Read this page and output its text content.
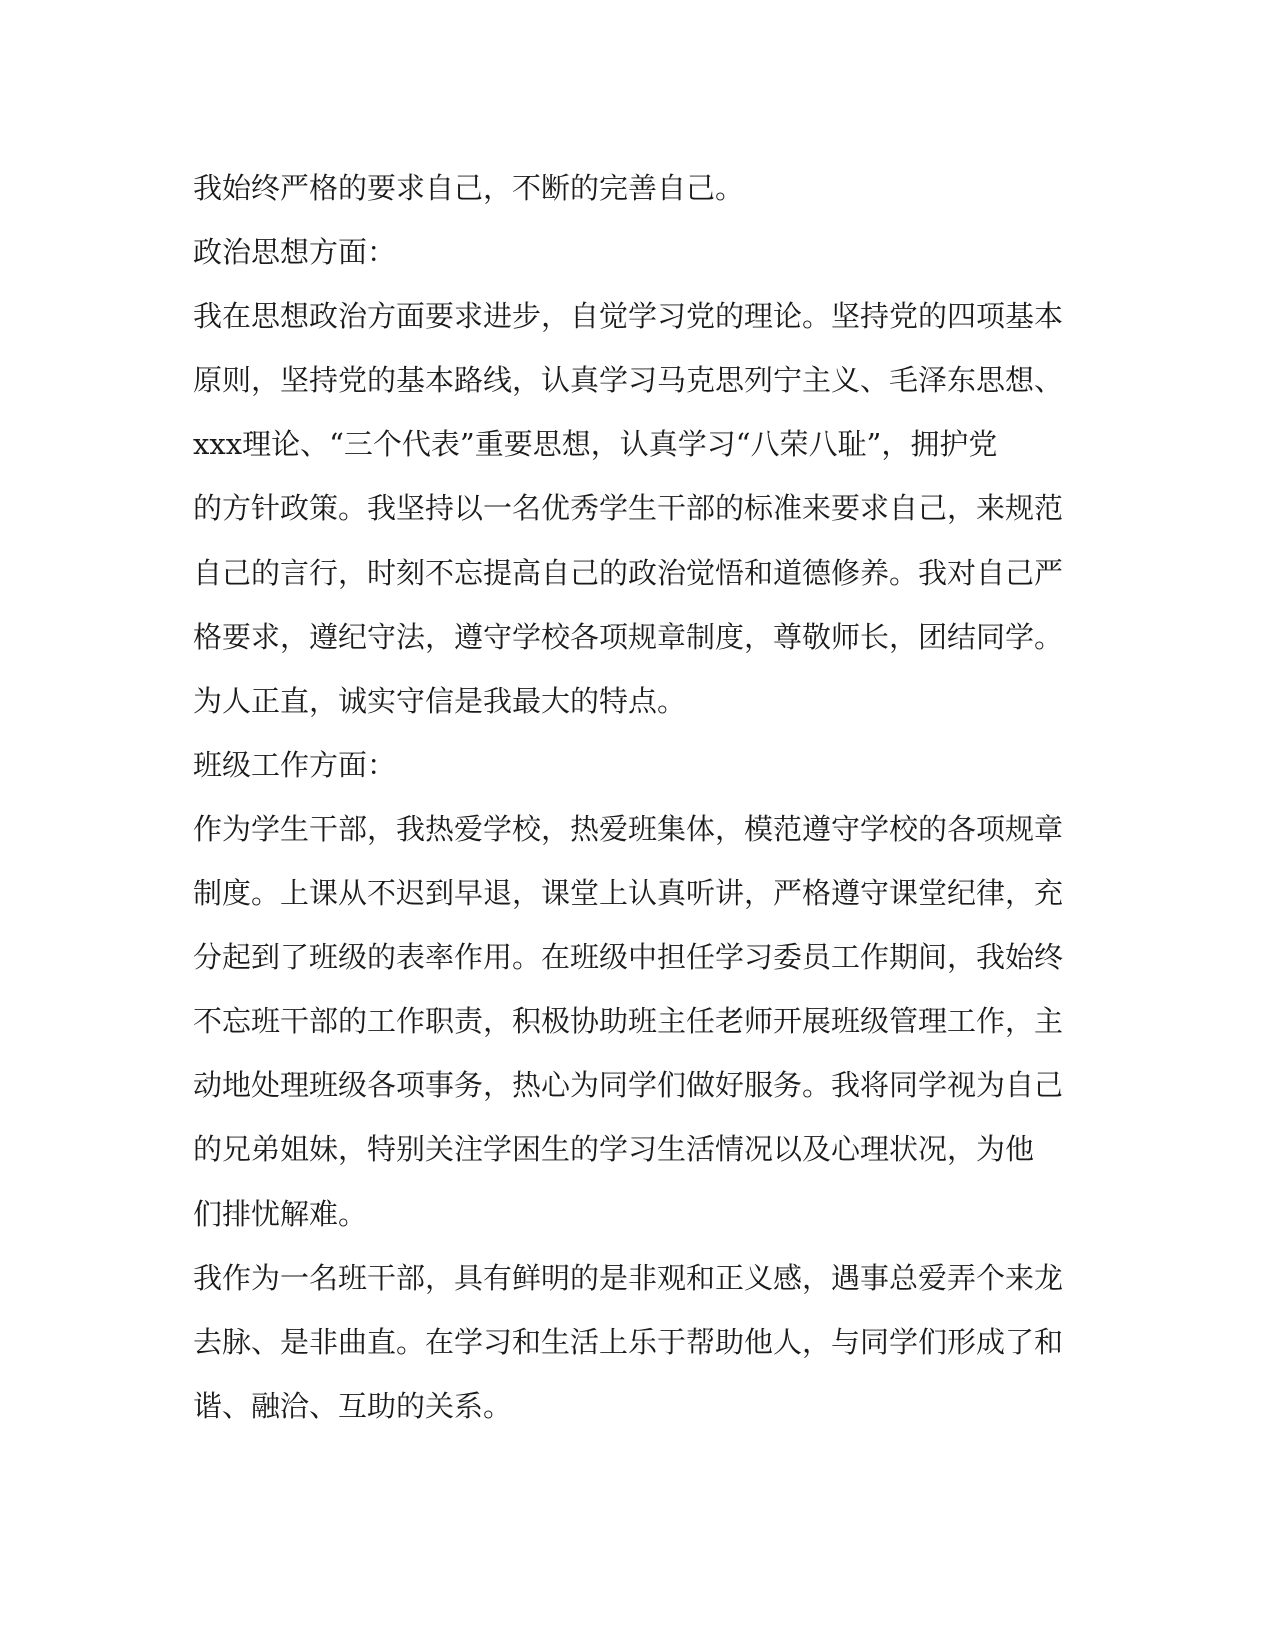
我始终严格的要求自己，不断的完善自己。
政治思想方面：
我在思想政治方面要求进步，自觉学习党的理论。坚持党的四项基本
原则，坚持党的基本路线，认真学习马克思列宁主义、毛泽东思想、
xxx理论、“三个代表”重要思想，认真学习“八荣八耻”，拥护党
的方针政策。我坚持以一名优秀学生干部的标准来要求自己，来规范
自己的言行，时刻不忘提高自己的政治觉悟和道德修养。我对自己严
格要求，遵纪守法，遵守学校各项规章制度，尊敬师长，团结同学。
为人正直，诚实守信是我最大的特点。
班级工作方面：
作为学生干部，我热爱学校，热爱班集体，模范遵守学校的各项规章
制度。上课从不迟到早退，课堂上认真听讲，严格遵守课堂纪律，充
分起到了班级的表率作用。在班级中担任学习委员工作期间，我始终
不忘班干部的工作职责，积极协助班主任老师开展班级管理工作，主
动地处理班级各项事务，热心为同学们做好服务。我将同学视为自己
的兄弟姐妹，特别关注学困生的学习生活情况以及心理状况，为他
们排忧解难。
我作为一名班干部，具有鲜明的是非观和正义感，遇事总爱弄个来龙
去脉、是非曲直。在学习和生活上乐于帮助他人，与同学们形成了和
谐、融洽、互助的关系。
